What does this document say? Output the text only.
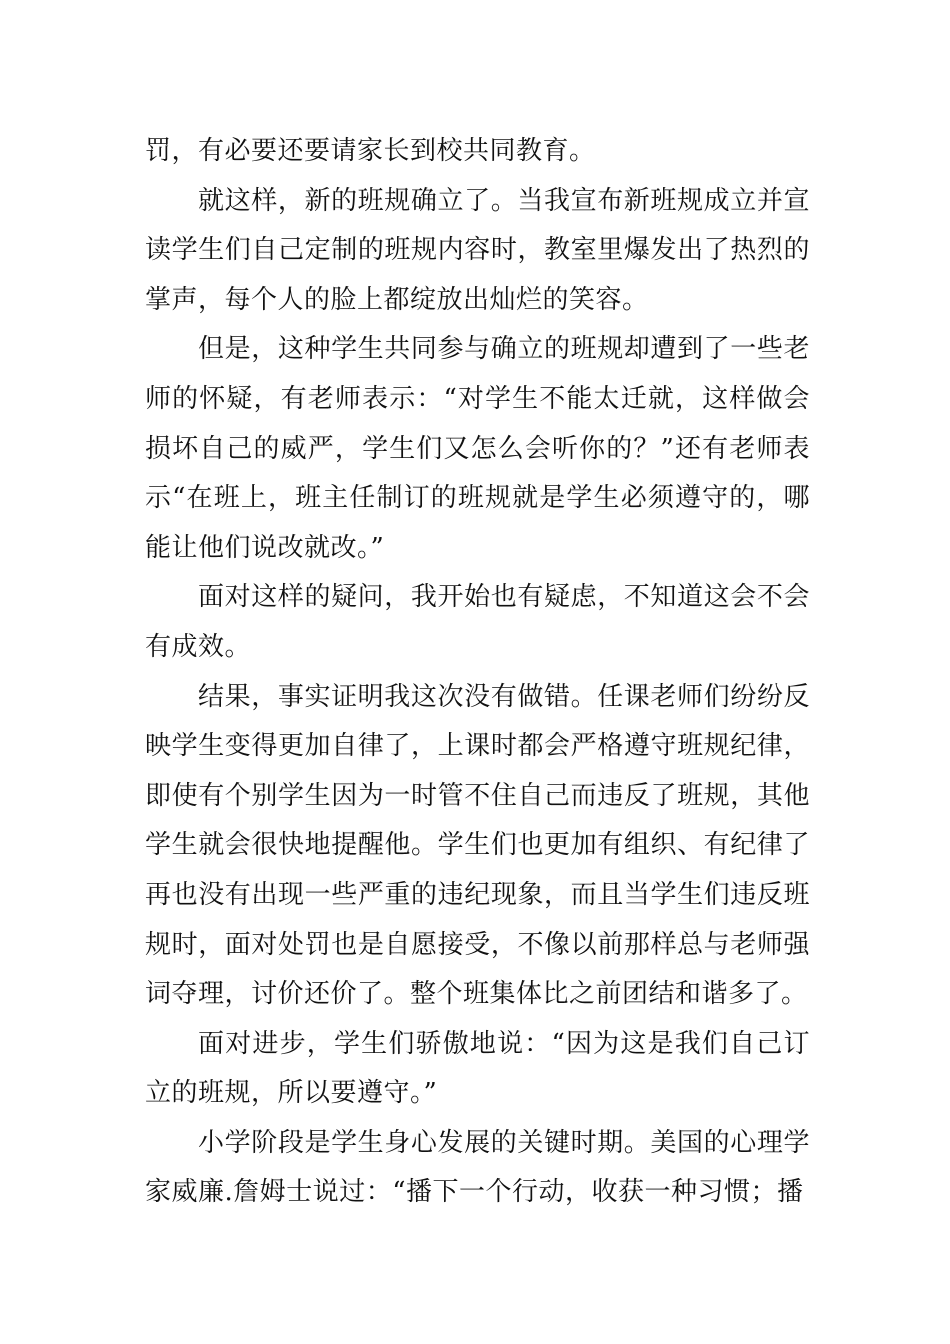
罚，有必要还要请家长到校共同教育。

就这样，新的班规确立了。当我宣布新班规成立并宣读学生们自己定制的班规内容时，教室里爆发出了热烈的掌声，每个人的脸上都绽放出灿烂的笑容。

但是，这种学生共同参与确立的班规却遭到了一些老师的怀疑，有老师表示：“对学生不能太迁就，这样做会损坏自己的威严，学生们又怎么会听你的？”还有老师表示“在班上，班主任制订的班规就是学生必须遵守的，哪能让他们说改就改。”

面对这样的疑问，我开始也有疑虑，不知道这会不会有成效。

结果，事实证明我这次没有做错。任课老师们纷纷反映学生变得更加自律了，上课时都会严格遵守班规纪律，即使有个别学生因为一时管不住自己而违反了班规，其他学生就会很快地提醒他。学生们也更加有组织、有纪律了再也没有出现一些严重的违纪现象，而且当学生们违反班规时，面对处罚也是自愿接受，不像以前那样总与老师强词夺理，讨价还价了。整个班集体比之前团结和谐多了。

面对进步，学生们骄傲地说：“因为这是我们自己订立的班规，所以要遵守。”

小学阶段是学生身心发展的关键时期。美国的心理学家威廉.詹姆士说过：“播下一个行动，收获一种习惯；播
